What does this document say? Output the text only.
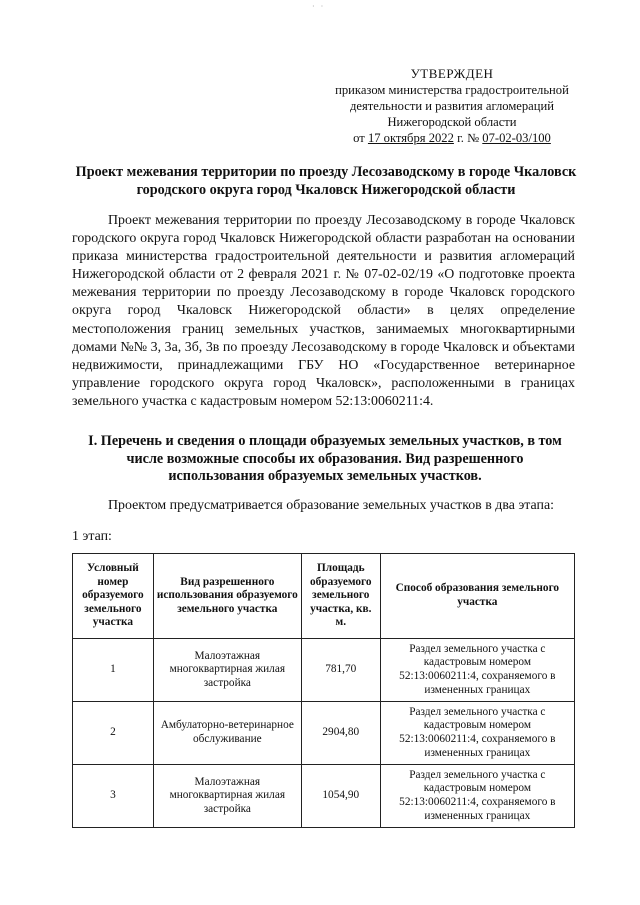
· ·
УТВЕРЖДЕН
приказом министерства градостроительной
деятельности и развития агломераций
Нижегородской области
от 17 октября 2022 г. № 07-02-03/100
Проект межевания территории по проезду Лесозаводскому в городе Чкаловск городского округа город Чкаловск Нижегородской области

Проект межевания территории по проезду Лесозаводскому в городе Чкаловск городского округа город Чкаловск Нижегородской области разработан на основании приказа министерства градостроительной деятельности и развития агломераций Нижегородской области от 2 февраля 2021 г. № 07-02-02/19 «О подготовке проекта межевания территории по проезду Лесозаводскому в городе Чкаловск городского округа город Чкаловск Нижегородской области» в целях определение местоположения границ земельных участков, занимаемых многоквартирными домами №№ 3, 3а, 3б, 3в по проезду Лесозаводскому в городе Чкаловск и объектами недвижимости, принадлежащими ГБУ НО «Государственное ветеринарное управление городского округа город Чкаловск», расположенными в границах земельного участка с кадастровым номером 52:13:0060211:4.

I. Перечень и сведения о площади образуемых земельных участков, в том числе возможные способы их образования. Вид разрешенного использования образуемых земельных участков.
Проектом предусматривается образование земельных участков в два этапа:
1 этап:
Условный номер образуемого земельного участка	Вид разрешенного использования образуемого земельного участка	Площадь образуемого земельного участка, кв. м.	Способ образования земельного участка
1	Малоэтажная многоквартирная жилая застройка	781,70	Раздел земельного участка с кадастровым номером 52:13:0060211:4, сохраняемого в измененных границах
2	Амбулаторно-ветеринарное обслуживание	2904,80	Раздел земельного участка с кадастровым номером 52:13:0060211:4, сохраняемого в измененных границах
3	Малоэтажная многоквартирная жилая застройка	1054,90	Раздел земельного участка с кадастровым номером 52:13:0060211:4, сохраняемого в измененных границах
